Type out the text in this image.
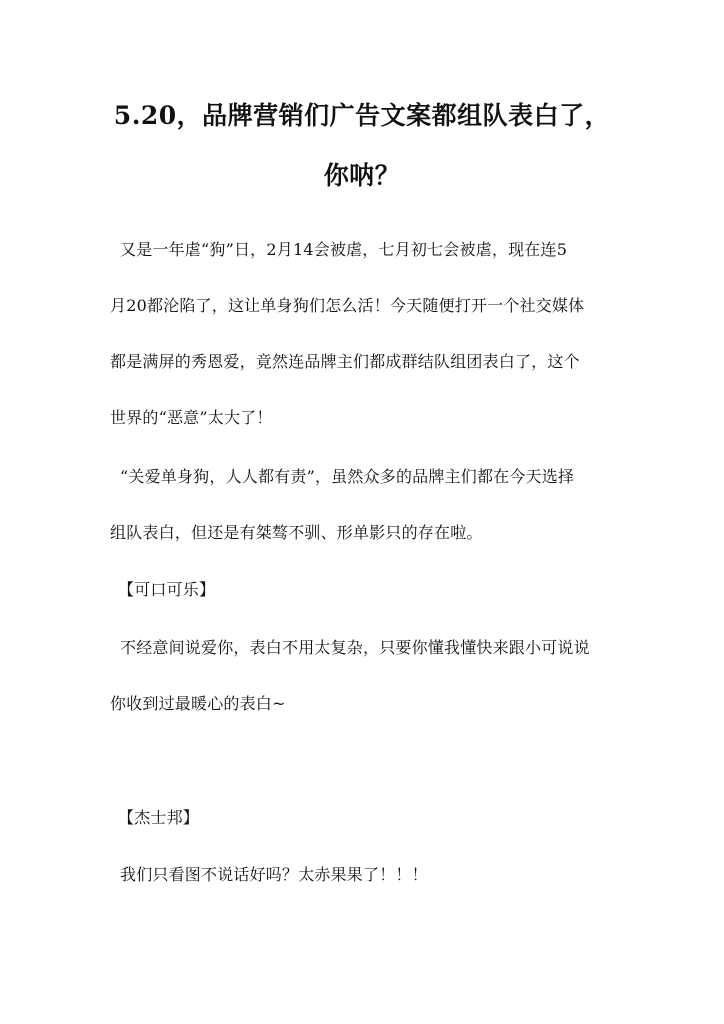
5.20，品牌营销们广告文案都组队表白了，
你呐？
又是一年虐“狗”日，2月14会被虐，七月初七会被虐，现在连5
月20都沦陷了，这让单身狗们怎么活！今天随便打开一个社交媒体
都是满屏的秀恩爱，竟然连品牌主们都成群结队组团表白了，这个
世界的“恶意”太大了！
“关爱单身狗，人人都有责”，虽然众多的品牌主们都在今天选择
组队表白，但还是有桀骜不驯、形单影只的存在啦。
【可口可乐】
不经意间说爱你，表白不用太复杂，只要你懂我懂快来跟小可说说
你收到过最暖心的表白~
【杰士邦】
我们只看图不说话好吗？太赤果果了！！！
